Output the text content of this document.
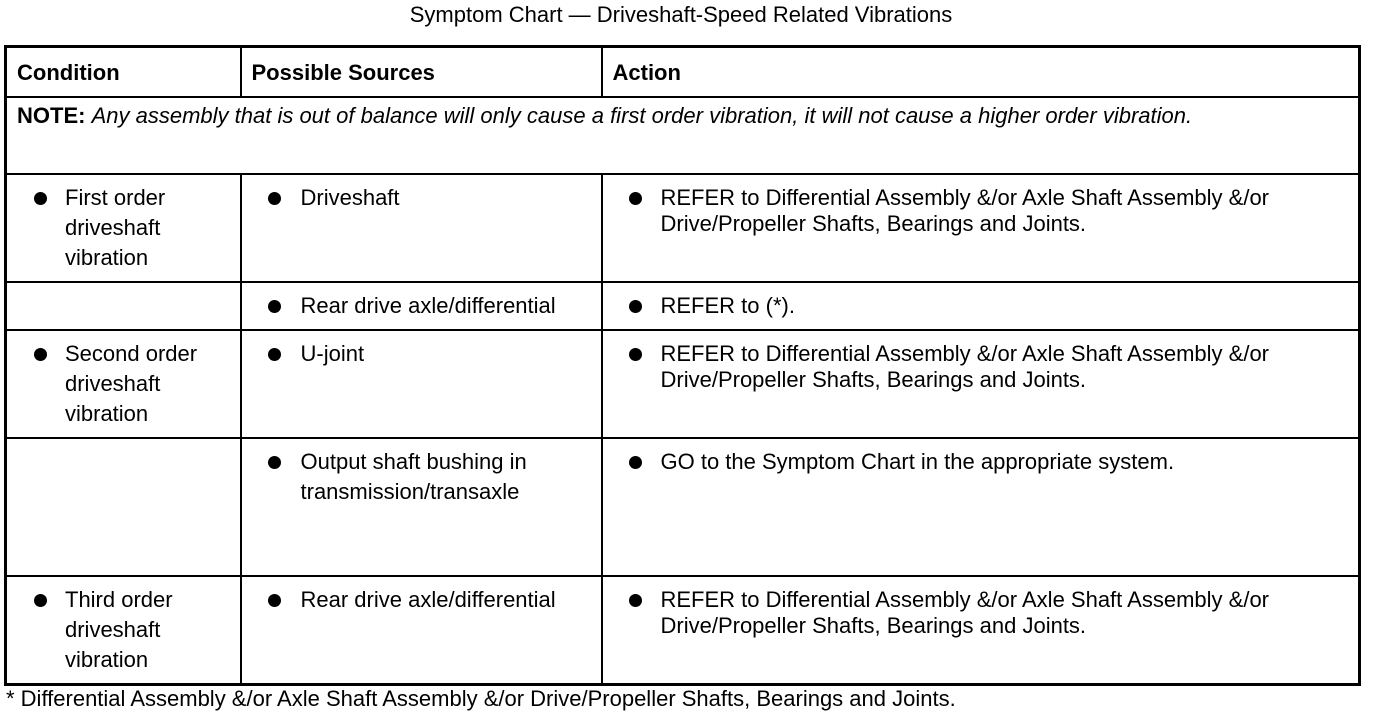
Symptom Chart — Driveshaft-Speed Related Vibrations
Condition	Possible Sources	Action
NOTE: Any assembly that is out of balance will only cause a first order vibration, it will not cause a higher order vibration.		

First order driveshaft vibration	Driveshaft	REFER to Differential Assembly &/or Axle Shaft Assembly &/or Drive/Propeller Shafts, Bearings and Joints.

	Rear drive axle/differential	REFER to (*).

Second order driveshaft vibration	U-joint	REFER to Differential Assembly &/or Axle Shaft Assembly &/or Drive/Propeller Shafts, Bearings and Joints.

	Output shaft bushing in transmission/transaxle	GO to the Symptom Chart in the appropriate system.

Third order driveshaft vibration	Rear drive axle/differential	REFER to Differential Assembly &/or Axle Shaft Assembly &/or Drive/Propeller Shafts, Bearings and Joints.
* Differential Assembly &/or Axle Shaft Assembly &/or Drive/Propeller Shafts, Bearings and Joints.
